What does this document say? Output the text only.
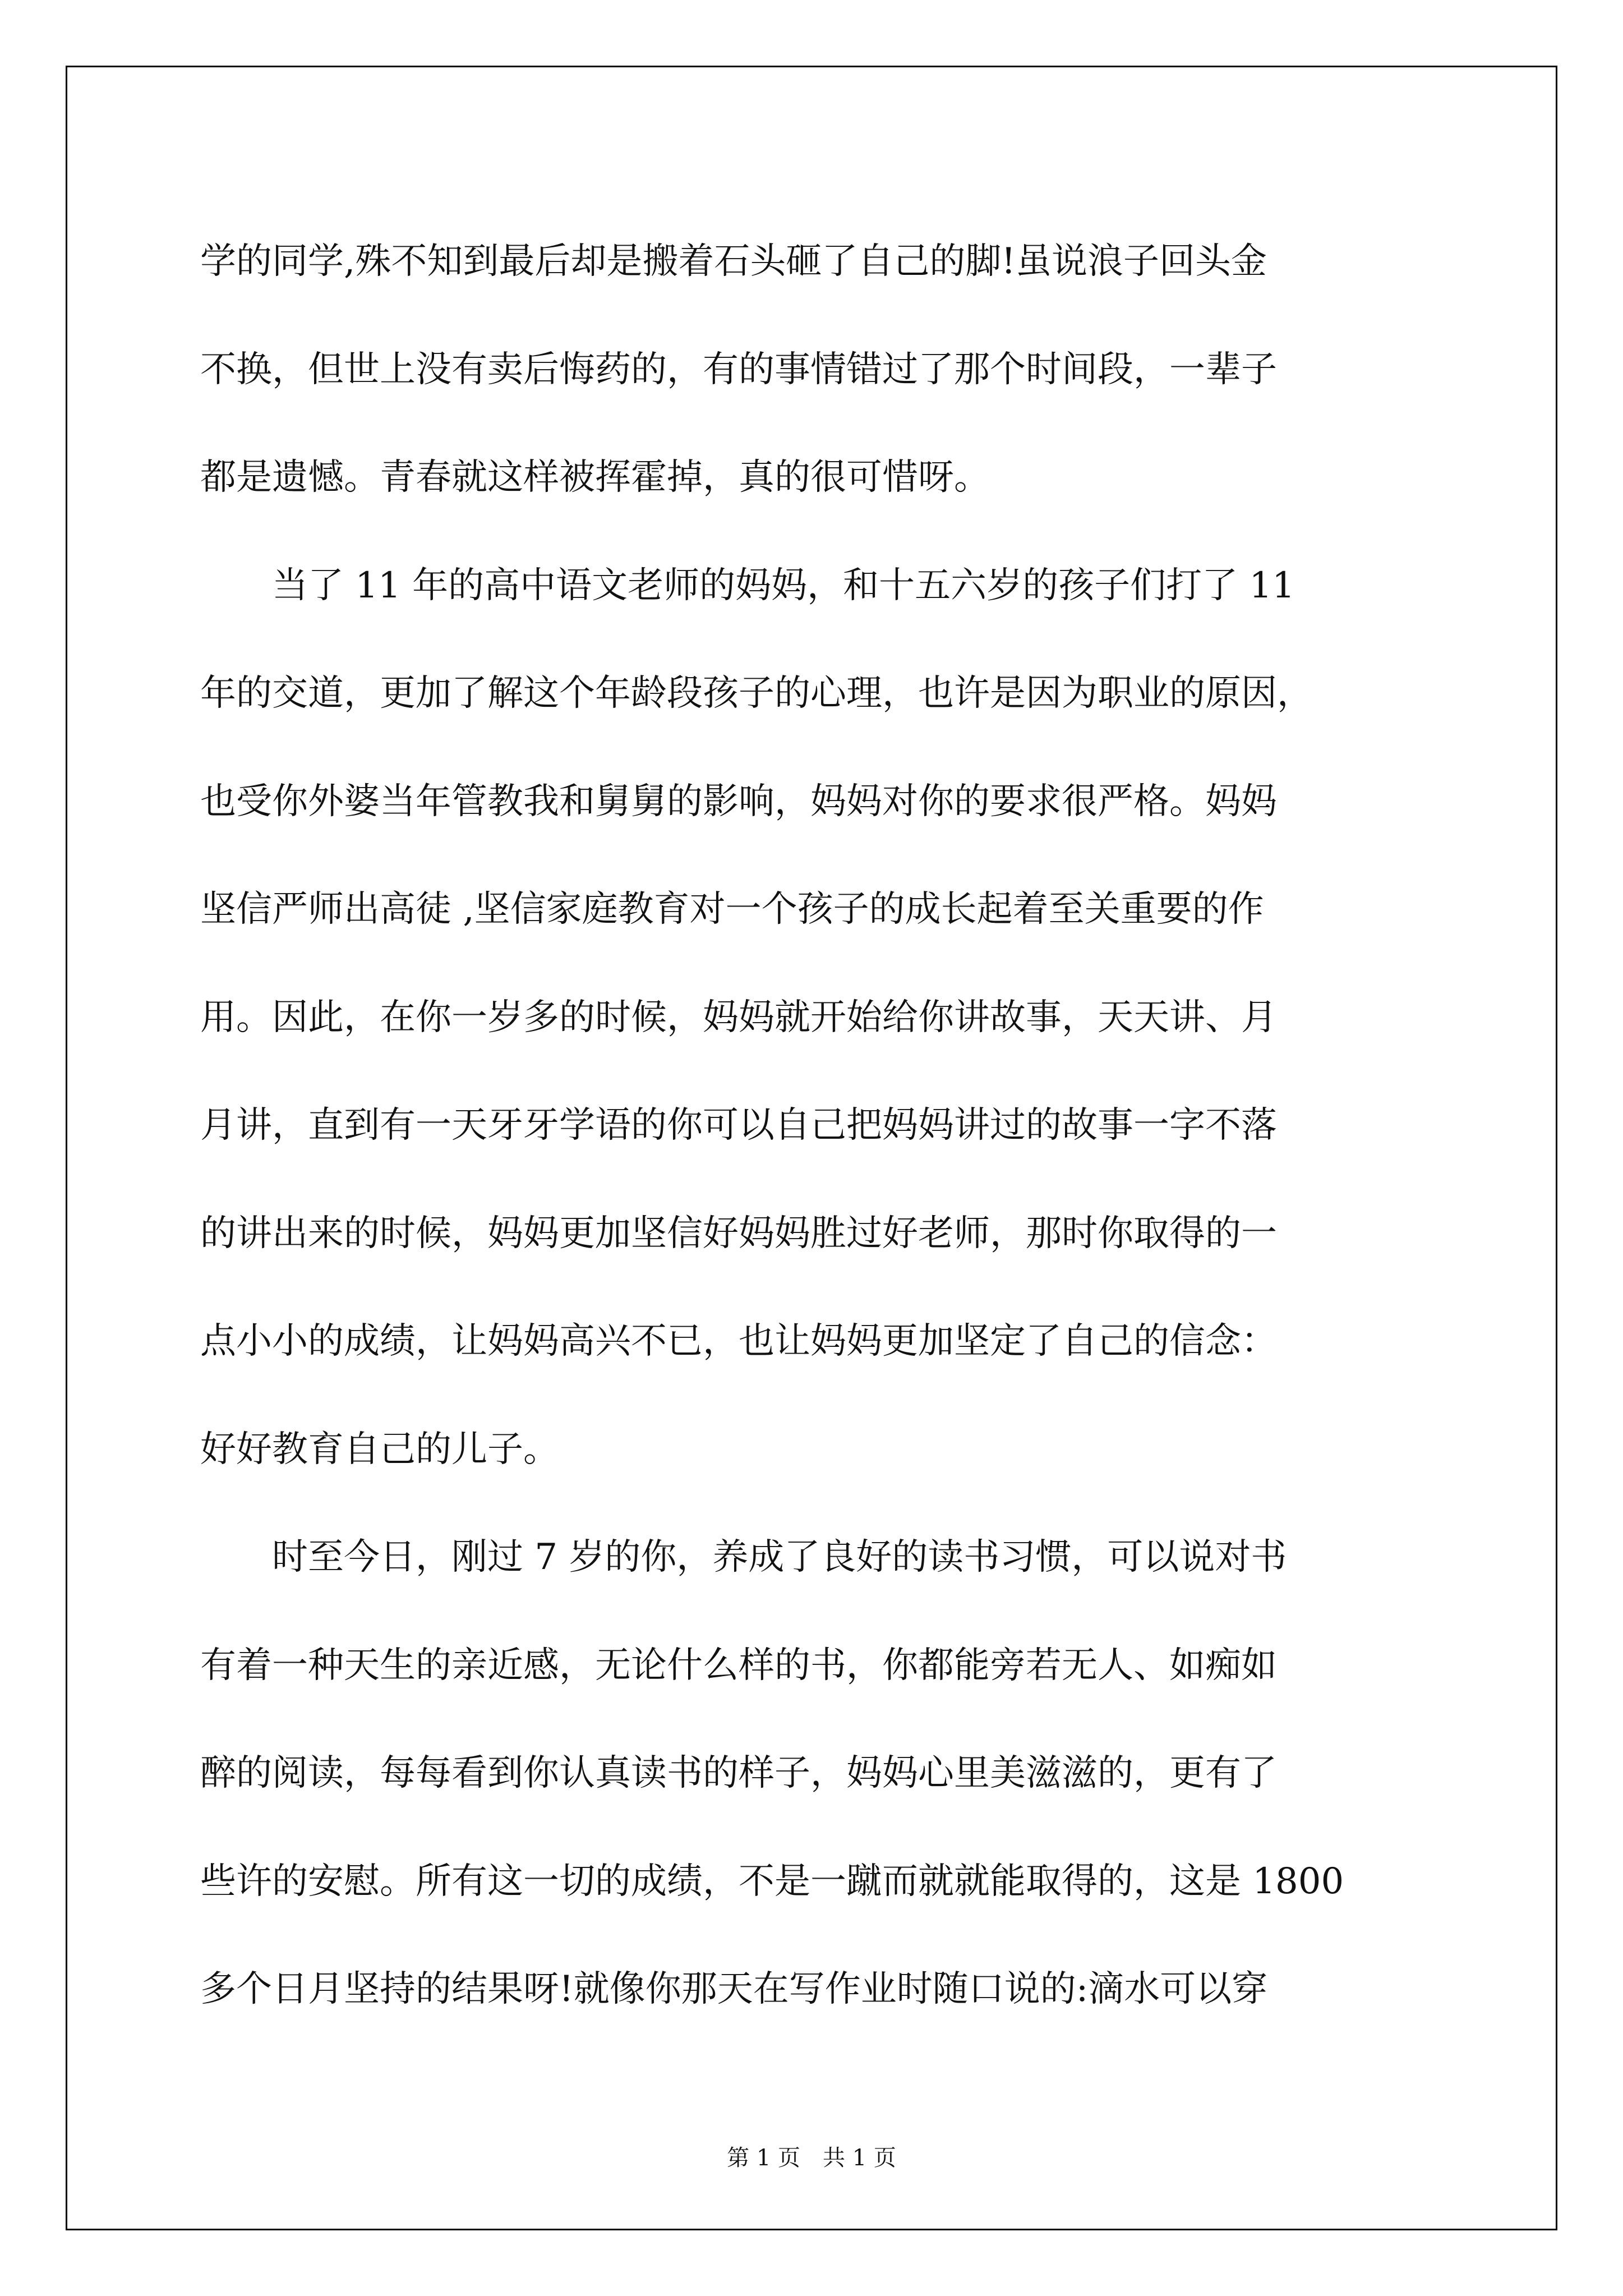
学的同学,殊不知到最后却是搬着石头砸了自己的脚!虽说浪子回头金
不换，但世上没有卖后悔药的，有的事情错过了那个时间段，一辈子
都是遗憾。青春就这样被挥霍掉，真的很可惜呀。
　　当了 11 年的高中语文老师的妈妈，和十五六岁的孩子们打了 11
年的交道，更加了解这个年龄段孩子的心理，也许是因为职业的原因，
也受你外婆当年管教我和舅舅的影响，妈妈对你的要求很严格。妈妈
坚信严师出高徒 ,坚信家庭教育对一个孩子的成长起着至关重要的作
用。因此，在你一岁多的时候，妈妈就开始给你讲故事，天天讲、月
月讲，直到有一天牙牙学语的你可以自己把妈妈讲过的故事一字不落
的讲出来的时候，妈妈更加坚信好妈妈胜过好老师，那时你取得的一
点小小的成绩，让妈妈高兴不已，也让妈妈更加坚定了自己的信念：
好好教育自己的儿子。
　　时至今日，刚过 7 岁的你，养成了良好的读书习惯，可以说对书
有着一种天生的亲近感，无论什么样的书，你都能旁若无人、如痴如
醉的阅读，每每看到你认真读书的样子，妈妈心里美滋滋的，更有了
些许的安慰。所有这一切的成绩，不是一蹴而就就能取得的，这是 1800
多个日月坚持的结果呀!就像你那天在写作业时随口说的:滴水可以穿
第 1 页　共 1 页
